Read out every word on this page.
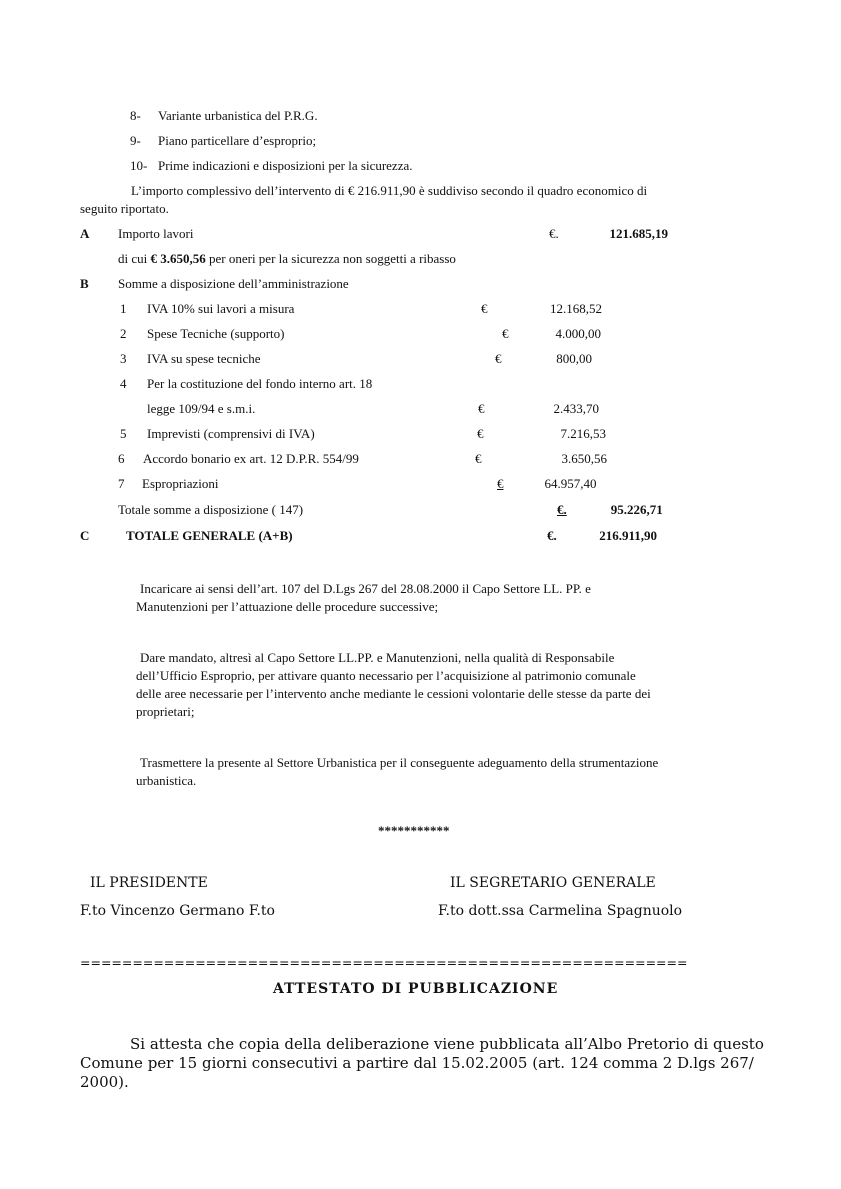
8- Variante urbanistica del P.R.G.
9- Piano particellare d’esproprio;
10- Prime indicazioni e disposizioni per la sicurezza.
L’importo complessivo dell’intervento di € 216.911,90 è suddiviso secondo il quadro economico di
seguito riportato.
A Importo lavori	€.	121.685,19
di cui € 3.650,56 per oneri per la sicurezza non soggetti a ribasso
B Somme a disposizione dell’amministrazione
1 IVA 10% sui lavori a misura	€	12.168,52
2 Spese Tecniche (supporto)	€	4.000,00
3 IVA su spese tecniche	€	800,00
4 Per la costituzione del fondo interno art. 18
legge 109/94 e s.m.i.	€	2.433,70
5 Imprevisti (comprensivi di IVA)	€	7.216,53
6 Accordo bonario ex art. 12 D.P.R. 554/99	€	3.650,56
7 Espropriazioni	€	64.957,40
Totale somme a disposizione ( 147)	€.	95.226,71
C	TOTALE GENERALE (A+B)	€.	216.911,90
Incaricare ai sensi dell’art. 107 del D.Lgs 267 del 28.08.2000 il Capo Settore LL. PP. e
Manutenzioni per l’attuazione delle procedure successive;
Dare mandato, altresì al Capo Settore LL.PP. e Manutenzioni, nella qualità di Responsabile
dell’Ufficio Esproprio, per attivare quanto necessario per l’acquisizione al patrimonio comunale
delle aree necessarie per l’intervento anche mediante le cessioni volontarie delle stesse da parte dei
proprietari;
Trasmettere la presente al Settore Urbanistica per il conseguente adeguamento della strumentazione
urbanistica.
***********
IL PRESIDENTE	IL SEGRETARIO GENERALE
F.to Vincenzo Germano F.to	F.to dott.ssa Carmelina Spagnuolo
==========================================================
ATTESTATO DI PUBBLICAZIONE
Si attesta che copia della deliberazione viene pubblicata all’Albo Pretorio di questo
Comune per 15 giorni consecutivi a partire dal 15.02.2005 (art. 124 comma 2 D.lgs 267/
2000).
